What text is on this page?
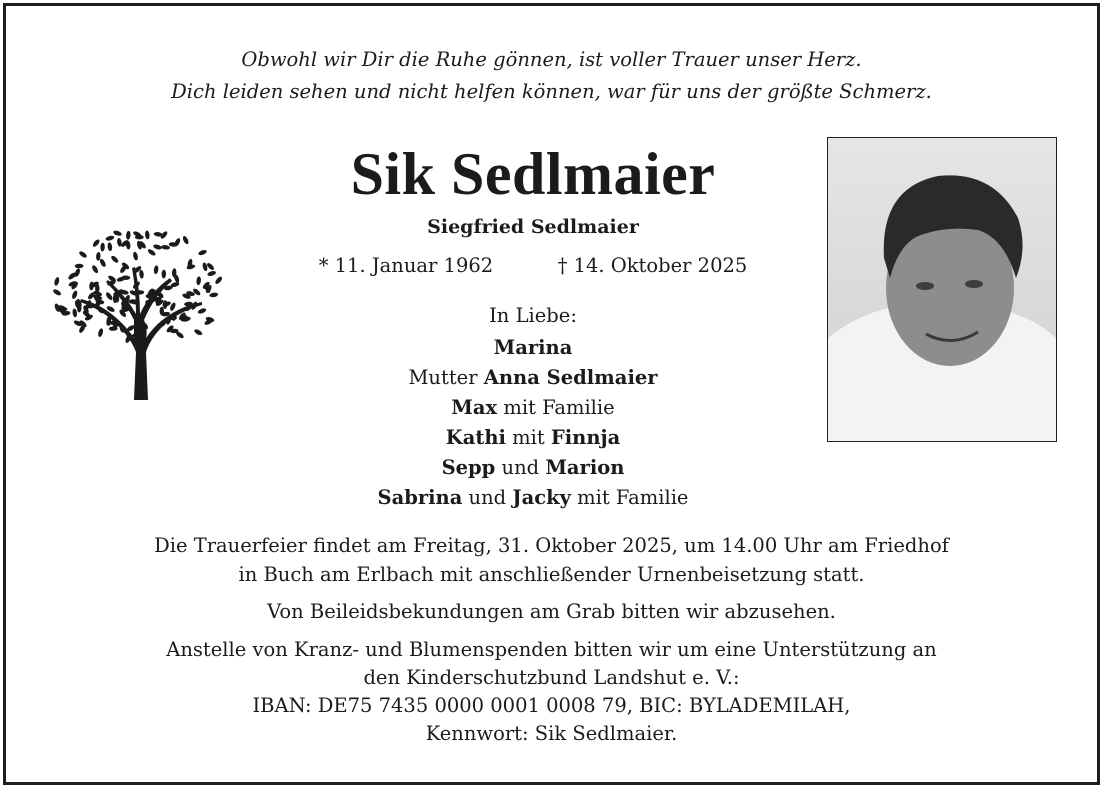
Obwohl wir Dir die Ruhe gönnen, ist voller Trauer unser Herz.
Dich leiden sehen und nicht helfen können, war für uns der größte Schmerz.
Sik Sedlmaier
Siegfried Sedlmaier
* 11. Januar 1962	† 14. Oktober 2025
In Liebe:
Marina
Mutter Anna Sedlmaier
Max mit Familie
Kathi mit Finnja
Sepp und Marion
Sabrina und Jacky mit Familie
Die Trauerfeier findet am Freitag, 31. Oktober 2025, um 14.00 Uhr am Friedhof
in Buch am Erlbach mit anschließender Urnenbeisetzung statt.
Von Beileidsbekundungen am Grab bitten wir abzusehen.
Anstelle von Kranz- und Blumenspenden bitten wir um eine Unterstützung an
den Kinderschutzbund Landshut e. V.:
IBAN: DE75 7435 0000 0001 0008 79, BIC: BYLADEMILAH,
Kennwort: Sik Sedlmaier.
